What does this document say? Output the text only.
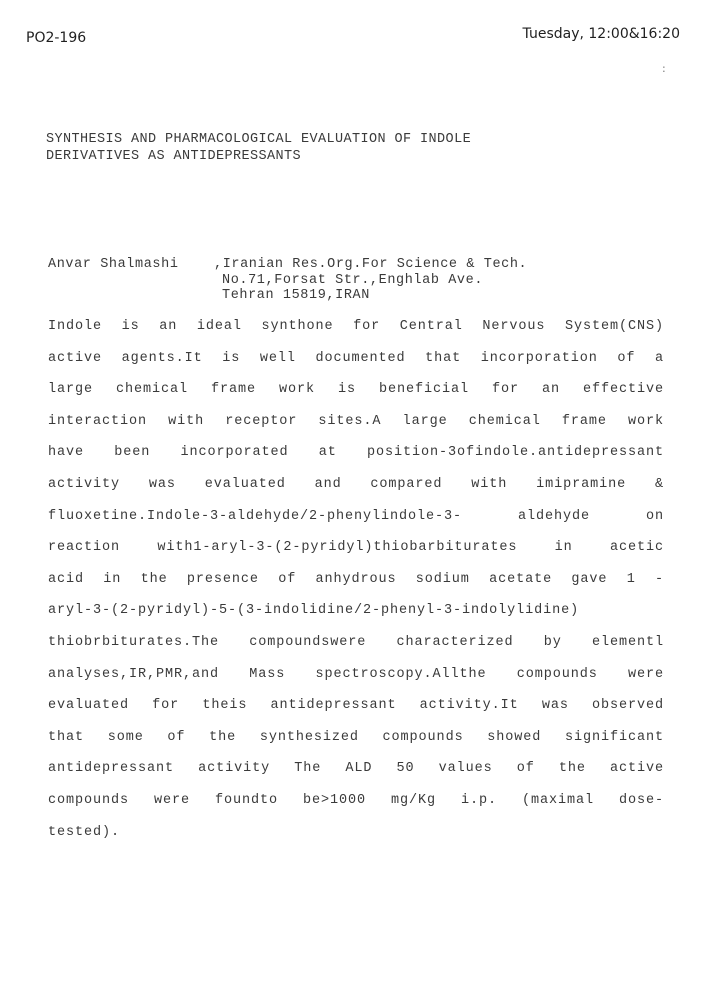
PO2-196	Tuesday, 12:00&16:20
:
SYNTHESIS AND PHARMACOLOGICAL EVALUATION OF INDOLE
DERIVATIVES AS ANTIDEPRESSANTS
Anvar Shalmashi	,Iranian Res.Org.For Science & Tech.
No.71,Forsat Str.,Enghlab Ave.
Tehran 15819,IRAN
Indole is an ideal synthone for Central Nervous System(CNS)
active agents.It is well documented that incorporation of a
large chemical frame work is beneficial for an effective
interaction with receptor sites.A large chemical frame work
have been incorporated at position-3ofindole.antidepressant
activity was evaluated and compared with imipramine &
fluoxetine.Indole-3-aldehyde/2-phenylindole-3- aldehyde on
reaction with1-aryl-3-(2-pyridyl)thiobarbiturates in acetic
acid in the presence of anhydrous sodium acetate gave 1 -
aryl-3-(2-pyridyl)-5-(3-indolidine/2-phenyl-3-indolylidine)
thiobrbiturates.The compoundswere characterized by elementl
analyses,IR,PMR,and Mass spectroscopy.Allthe compounds were
evaluated for theis antidepressant activity.It was observed
that some of the synthesized compounds showed significant
antidepressant activity The ALD 50 values of the active
compounds were foundto be>1000 mg/Kg i.p. (maximal dose-
tested).
